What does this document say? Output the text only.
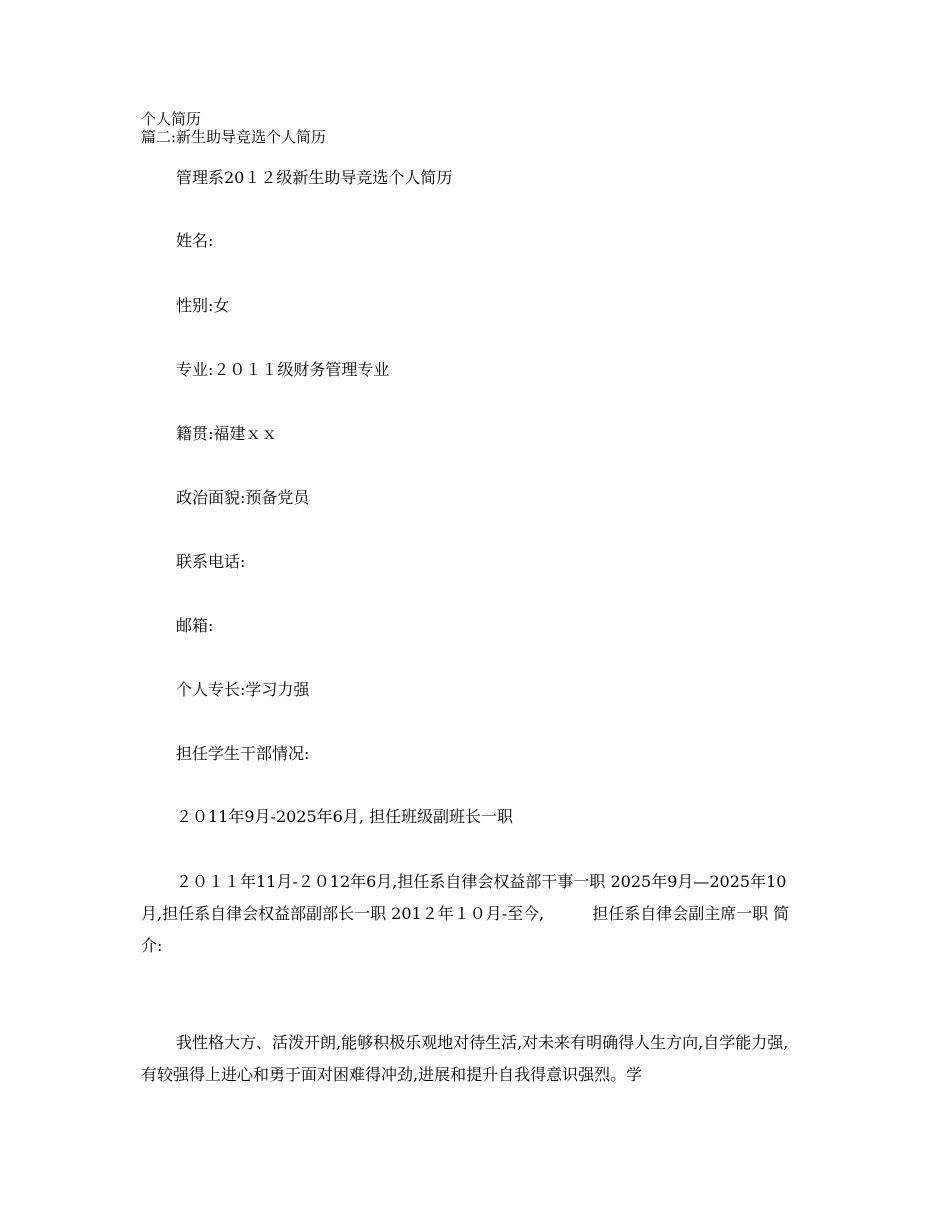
个人简历
篇二:新生助导竞选个人简历
管理系20１２级新生助导竞选个人简历
姓名:
性别:女
专业:２０１１级财务管理专业
籍贯:福建ｘｘ
政治面貌:预备党员
联系电话:
邮箱:
个人专长:学习力强
担任学生干部情况:
２０11年9月-2025年6月, 担任班级副班长一职

２０１１年11月-２０12年6月,担任系自律会权益部干事一职 2025年9月—2025年10月,担任系自律会权益部副部长一职 201２年１０月-至今,　　　担任系自律会副主席一职 简介:

我性格大方、活泼开朗,能够积极乐观地对待生活,对未来有明确得人生方向,自学能力强,有较强得上进心和勇于面对困难得冲劲,进展和提升自我得意识强烈。学
